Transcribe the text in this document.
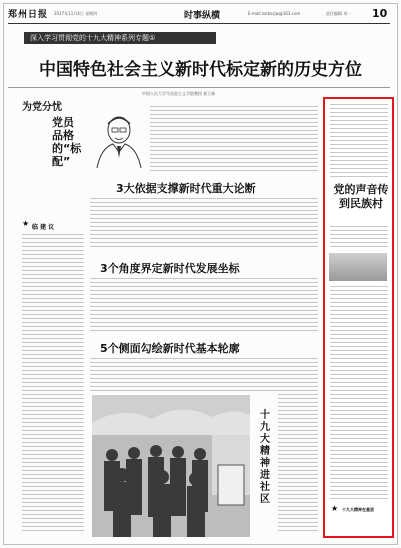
郑州日报 2017年11月4日 星期四	时事纵横	E-mail:zzrbszjw@163.com	责任编辑 刘一 10
深入学习贯彻党的十九大精神系列专题①
中国特色社会主义新时代标定新的历史方位
中国人民大学马克思主义学院教授 郝立新
为党分忧
党员品格的“标配”
★ 临 建 议
3大依据支撑新时代重大论断
3个角度界定新时代发展坐标
5个侧面勾绘新时代基本轮廓
十九大精神进社区
党的声音传到民族村
★ 十九大精神在基层
